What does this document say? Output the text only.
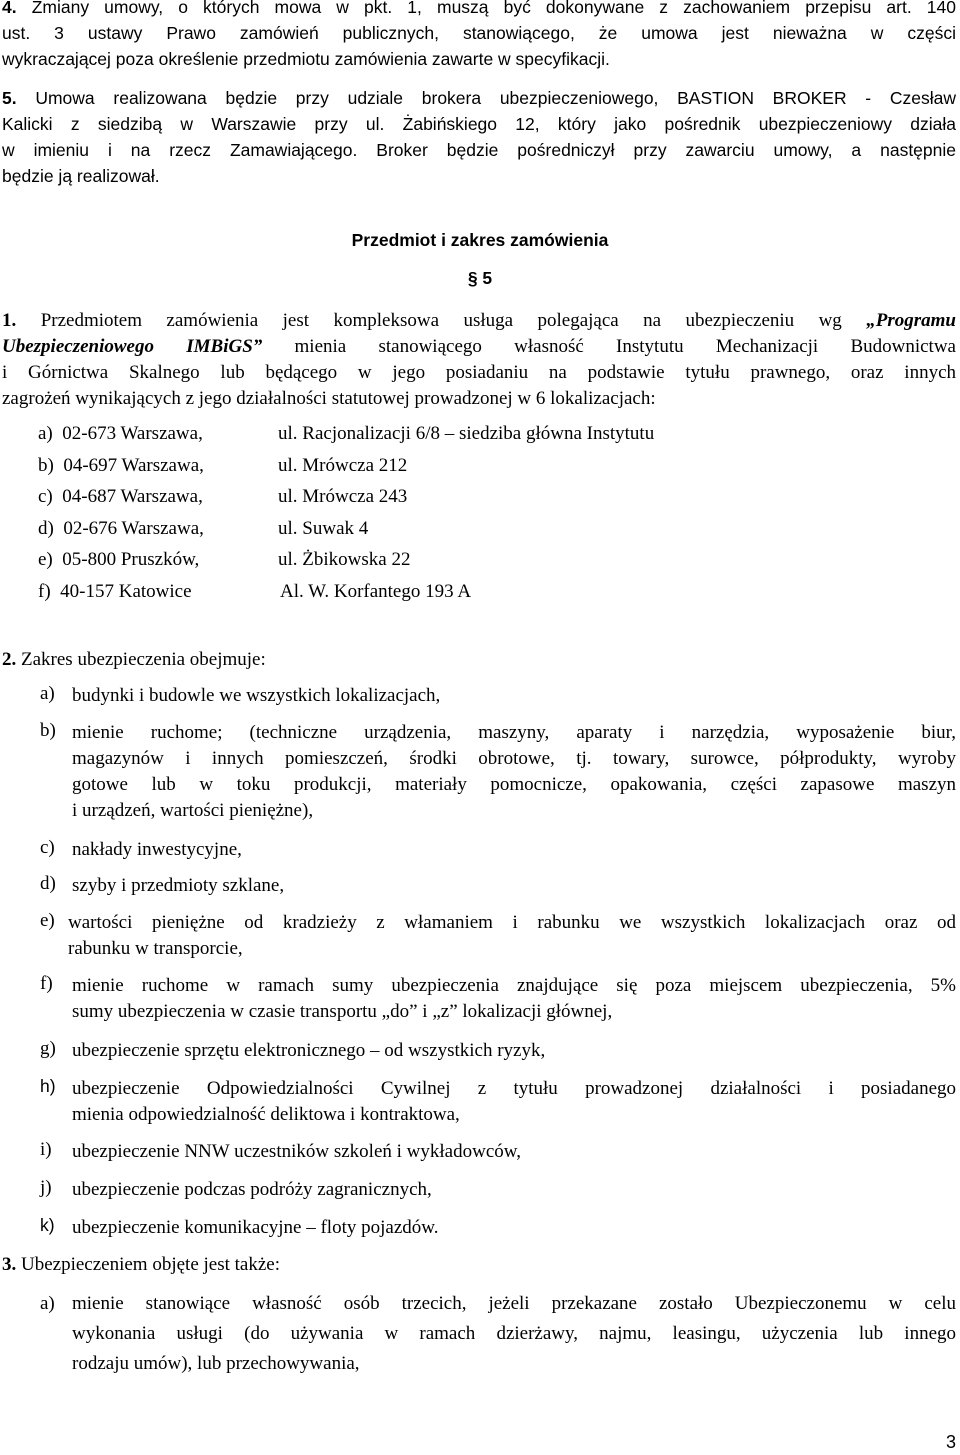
4. Zmiany umowy, o których mowa w pkt. 1, muszą być dokonywane z zachowaniem przepisu art. 140
ust. 3 ustawy Prawo zamówień publicznych, stanowiącego, że umowa jest nieważna w części
wykraczającej poza określenie przedmiotu zamówienia zawarte w specyfikacji.
5. Umowa realizowana będzie przy udziale brokera ubezpieczeniowego, BASTION BROKER - Czesław
Kalicki z siedzibą w Warszawie przy ul. Żabińskiego 12, który jako pośrednik ubezpieczeniowy działa
w imieniu i na rzecz Zamawiającego. Broker będzie pośredniczył przy zawarciu umowy, a następnie
będzie ją realizował.
Przedmiot i zakres zamówienia
§ 5
1. Przedmiotem zamówienia jest kompleksowa usługa polegająca na ubezpieczeniu wg „Programu
Ubezpieczeniowego IMBiGS” mienia stanowiącego własność Instytutu Mechanizacji Budownictwa
i Górnictwa Skalnego lub będącego w jego posiadaniu na podstawie tytułu prawnego, oraz innych
zagrożeń wynikających z jego działalności statutowej prowadzonej w 6 lokalizacjach:
a) 02-673 Warszawa,	ul. Racjonalizacji 6/8 – siedziba główna Instytutu
b) 04-697 Warszawa,	ul. Mrówcza 212
c) 04-687 Warszawa,	ul. Mrówcza 243
d) 02-676 Warszawa,	ul. Suwak 4
e) 05-800 Pruszków,	ul. Żbikowska 22
f) 40-157 Katowice	Al. W. Korfantego 193 A
2. Zakres ubezpieczenia obejmuje:
a) budynki i budowle we wszystkich lokalizacjach,
b) mienie ruchome; (techniczne urządzenia, maszyny, aparaty i narzędzia, wyposażenie biur,
magazynów i innych pomieszczeń, środki obrotowe, tj. towary, surowce, półprodukty, wyroby
gotowe lub w toku produkcji, materiały pomocnicze, opakowania, części zapasowe maszyn
i urządzeń, wartości pieniężne),
c) nakłady inwestycyjne,
d) szyby i przedmioty szklane,
e) wartości pieniężne od kradzieży z włamaniem i rabunku we wszystkich lokalizacjach oraz od
rabunku w transporcie,
f) mienie ruchome w ramach sumy ubezpieczenia znajdujące się poza miejscem ubezpieczenia, 5%
sumy ubezpieczenia w czasie transportu „do” i „z” lokalizacji głównej,
g) ubezpieczenie sprzętu elektronicznego – od wszystkich ryzyk,
h) ubezpieczenie Odpowiedzialności Cywilnej z tytułu prowadzonej działalności i posiadanego
mienia odpowiedzialność deliktowa i kontraktowa,
i) ubezpieczenie NNW uczestników szkoleń i wykładowców,
j) ubezpieczenie podczas podróży zagranicznych,
k) ubezpieczenie komunikacyjne – floty pojazdów.
3. Ubezpieczeniem objęte jest także:
a) mienie stanowiące własność osób trzecich, jeżeli przekazane zostało Ubezpieczonemu w celu
wykonania usługi (do używania w ramach dzierżawy, najmu, leasingu, użyczenia lub innego
rodzaju umów), lub przechowywania,
3
